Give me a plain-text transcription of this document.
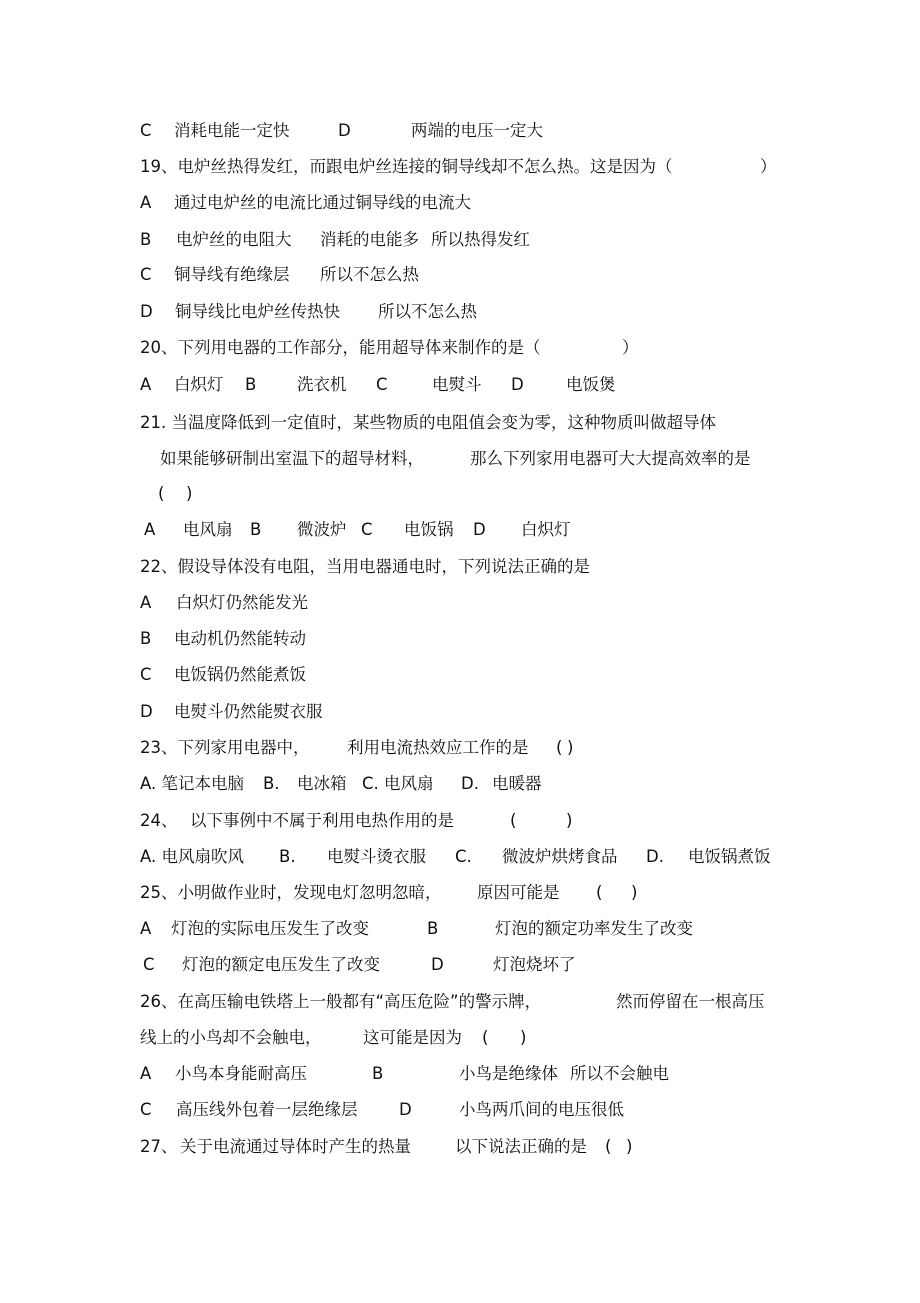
C 消耗电能一定快	D	两端的电压一定大
19、电炉丝热得发红，而跟电炉丝连接的铜导线却不怎么热。这是因为（	）
A 通过电炉丝的电流比通过铜导线的电流大
B 电炉丝的电阻大 消耗的电能多 所以热得发红
C 铜导线有绝缘层 所以不怎么热
D 铜导线比电炉丝传热快 所以不怎么热
20、下列用电器的工作部分，能用超导体来制作的是（	）
A 白炽灯 B 洗衣机 C	电熨斗 D	电饭煲
21. 当温度降低到一定值时，某些物质的电阻值会变为零，这种物质叫做超导体
如果能够研制出室温下的超导材料，	那么下列家用电器可大大提高效率的是
( )
A 电风扇 B 微波炉 C 电饭锅 D 白炽灯
22、假设导体没有电阻，当用电器通电时，下列说法正确的是
A 白炽灯仍然能发光
B 电动机仍然能转动
C 电饭锅仍然能煮饭
D 电熨斗仍然能熨衣服
23、下列家用电器中， 利用电流热效应工作的是 ( )
A. 笔记本电脑 B. 电冰箱 C. 电风扇 D. 电暖器
24、 以下事例中不属于利用电热作用的是	(	)
A. 电风扇吹风 B. 电熨斗烫衣服 C. 微波炉烘烤食品 D. 电饭锅煮饭
25、小明做作业时，发现电灯忽明忽暗， 原因可能是 ( )
A 灯泡的实际电压发生了改变	B	灯泡的额定功率发生了改变
C 灯泡的额定电压发生了改变	D	灯泡烧坏了
26、在高压输电铁塔上一般都有“高压危险”的警示牌，	然而停留在一根高压
线上的小鸟却不会触电，	这可能是因为 ( )
A 小鸟本身能耐高压	B	小鸟是绝缘体 所以不会触电
C 高压线外包着一层绝缘层	D	小鸟两爪间的电压很低
27、 关于电流通过导体时产生的热量	以下说法正确的是 ( )
